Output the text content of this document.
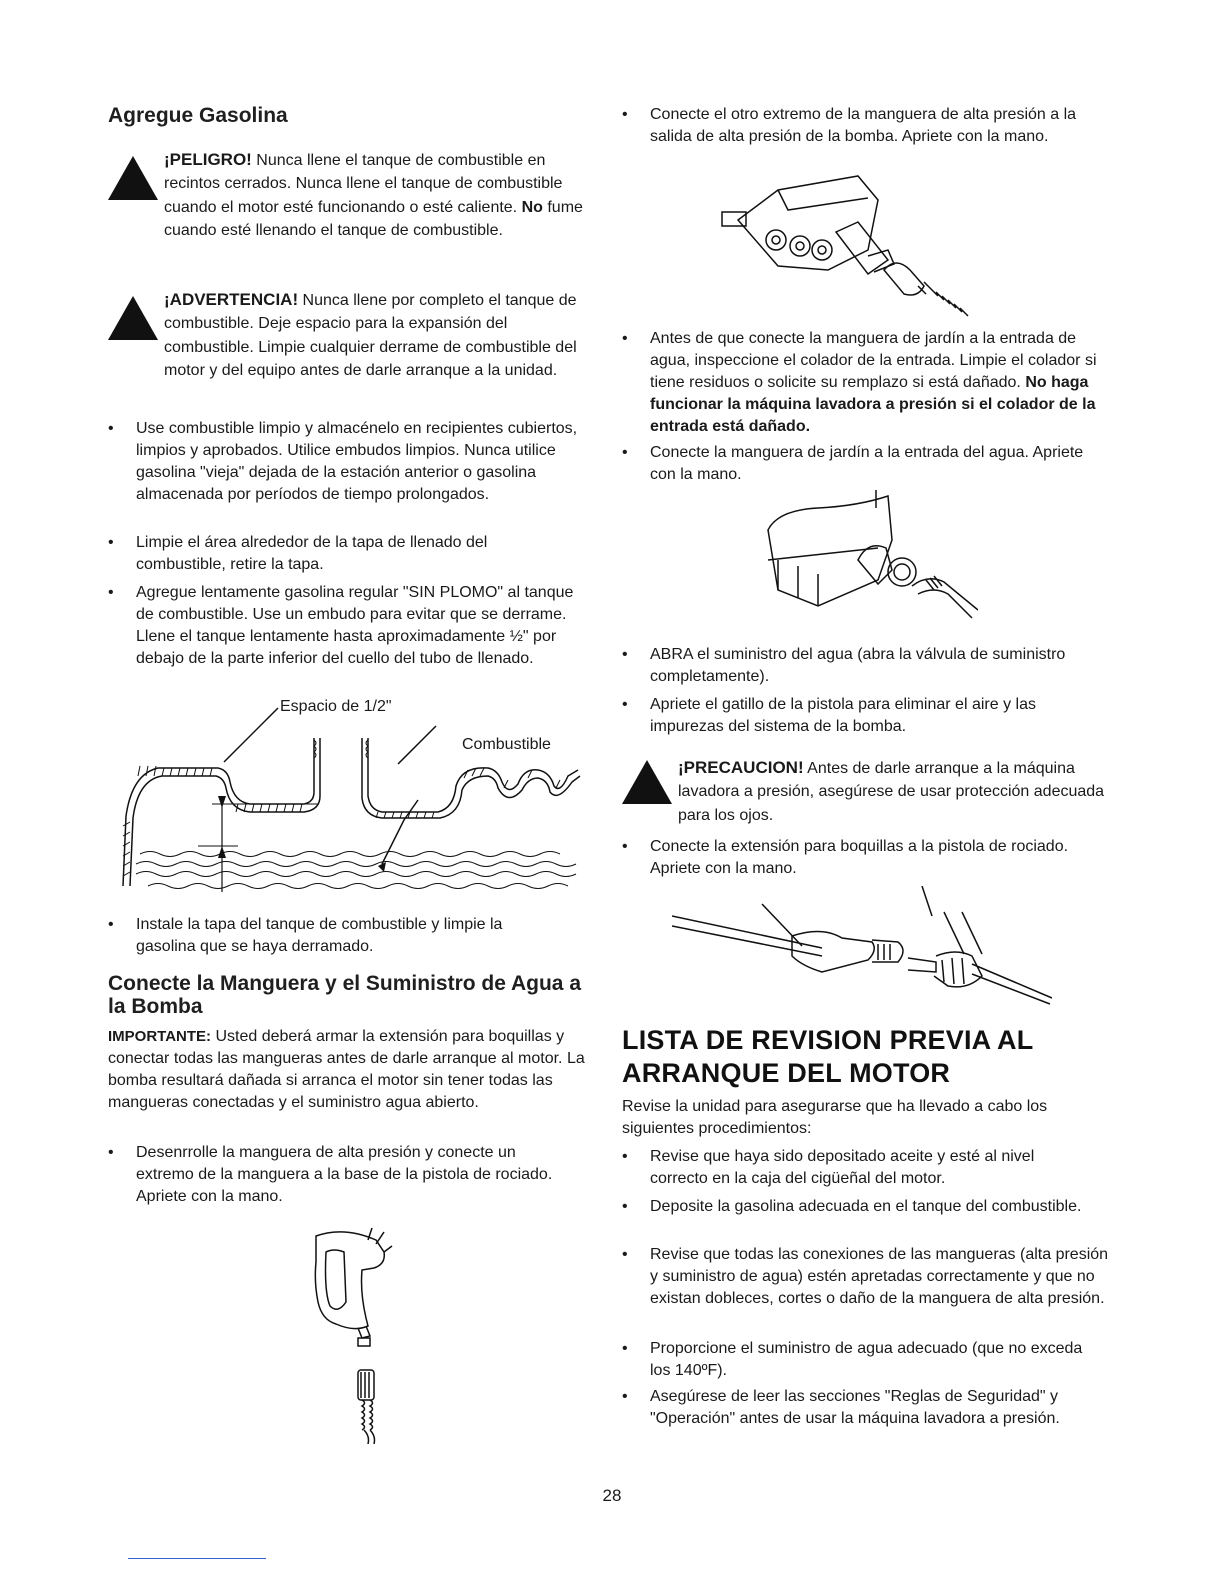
Agregue Gasolina
¡PELIGRO! Nunca llene el tanque de combustible en recintos cerrados. Nunca llene el tanque de combustible cuando el motor esté funcionando o esté caliente. No fume cuando esté llenando el tanque de combustible.
¡ADVERTENCIA! Nunca llene por completo el tanque de combustible. Deje espacio para la expansión del combustible. Limpie cualquier derrame de combustible del motor y del equipo antes de darle arranque a la unidad.
• Use combustible limpio y almacénelo en recipientes cubiertos, limpios y aprobados. Utilice embudos limpios. Nunca utilice gasolina "vieja" dejada de la estación anterior o gasolina almacenada por períodos de tiempo prolongados.
• Limpie el área alrededor de la tapa de llenado del combustible, retire la tapa.
• Agregue lentamente gasolina regular "SIN PLOMO" al tanque de combustible. Use un embudo para evitar que se derrame. Llene el tanque lentamente hasta aproximadamente ½" por debajo de la parte inferior del cuello del tubo de llenado.
Espacio de 1/2"
Combustible
• Instale la tapa del tanque de combustible y limpie la gasolina que se haya derramado.
Conecte la Manguera y el Suministro de Agua a la Bomba
IMPORTANTE: Usted deberá armar la extensión para boquillas y conectar todas las mangueras antes de darle arranque al motor. La bomba resultará dañada si arranca el motor sin tener todas las mangueras conectadas y el suministro agua abierto.
• Desenrrolle la manguera de alta presión y conecte un extremo de la manguera a la base de la pistola de rociado. Apriete con la mano.
• Conecte el otro extremo de la manguera de alta presión a la salida de alta presión de la bomba. Apriete con la mano.
• Antes de que conecte la manguera de jardín a la entrada de agua, inspeccione el colador de la entrada. Limpie el colador si tiene residuos o solicite su remplazo si está dañado. No haga funcionar la máquina lavadora a presión si el colador de la entrada está dañado.
• Conecte la manguera de jardín a la entrada del agua. Apriete con la mano.
• ABRA el suministro del agua (abra la válvula de suministro completamente).
• Apriete el gatillo de la pistola para eliminar el aire y las impurezas del sistema de la bomba.
¡PRECAUCION! Antes de darle arranque a la máquina lavadora a presión, asegúrese de usar protección adecuada para los ojos.
• Conecte la extensión para boquillas a la pistola de rociado. Apriete con la mano.
LISTA DE REVISION PREVIA AL
ARRANQUE DEL MOTOR
Revise la unidad para asegurarse que ha llevado a cabo los siguientes procedimientos:
• Revise que haya sido depositado aceite y esté al nivel correcto en la caja del cigüeñal del motor.
• Deposite la gasolina adecuada en el tanque del combustible.
• Revise que todas las conexiones de las mangueras (alta presión y suministro de agua) estén apretadas correctamente y que no existan dobleces, cortes o daño de la manguera de alta presión.
• Proporcione el suministro de agua adecuado (que no exceda los 140ºF).
• Asegúrese de leer las secciones "Reglas de Seguridad" y "Operación" antes de usar la máquina lavadora a presión.
28
